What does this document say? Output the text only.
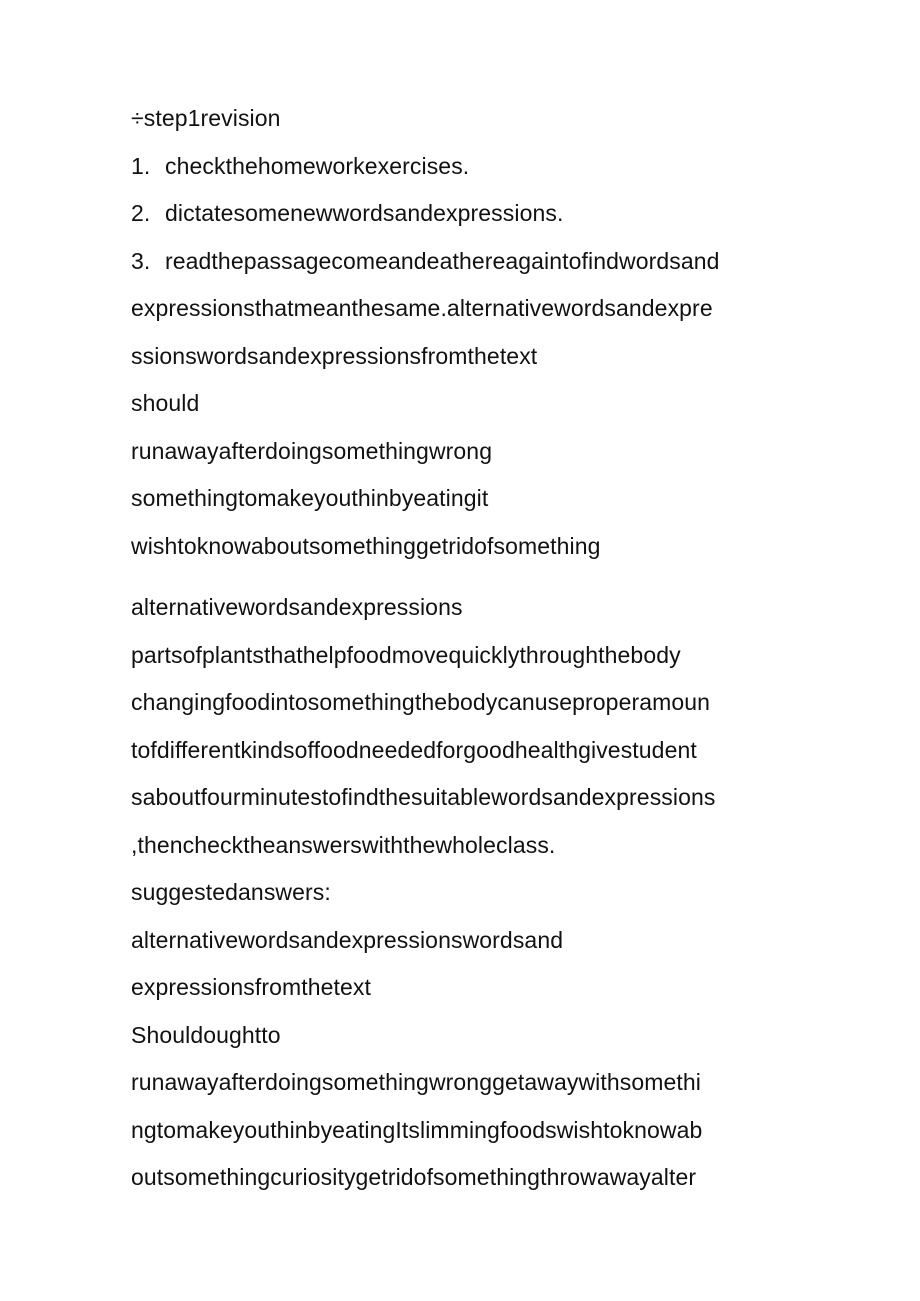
÷step1revision
1. checkthehomeworkexercises.
2. dictatesomenewwordsandexpressions.
3. readthepassagecomeandeathereagaintofindwordsand
expressionsthatmeanthesame.alternativewordsandexpre
ssionswordsandexpressionsfromthetext
should
runawayafterdoingsomethingwrong
somethingtomakeyouthinbyeatingit
wishtoknowaboutsomethinggetridofsomething
alternativewordsandexpressions
partsofplantsthathelpfoodmovequicklythroughthebody
changingfoodintosomethingthebodycanuseproperamoun
tofdifferentkindsoffoodneededforgoodhealthgivestudent
saboutfourminutestofindthesuitablewordsandexpressions
,thenchecktheanswerswiththewholeclass.
suggestedanswers:
alternativewordsandexpressionswordsand
expressionsfromthetext
Shouldoughtto
runawayafterdoingsomethingwronggetawaywithsomethi
ngtomakeyouthinbyeatingItslimmingfoodswishtoknowab
outsomethingcuriositygetridofsomethingthrowawayalter
